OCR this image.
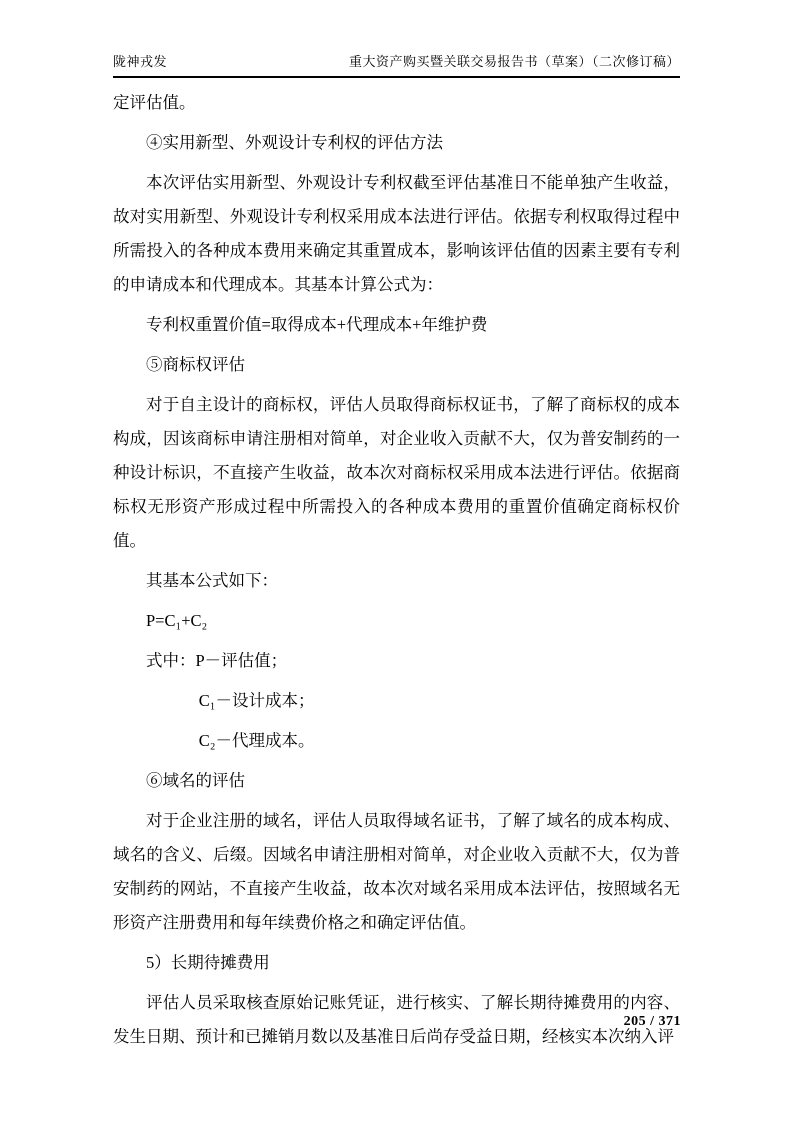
陇神戎发	重大资产购买暨关联交易报告书（草案）（二次修订稿）

定评估值。

④实用新型、外观设计专利权的评估方法

本次评估实用新型、外观设计专利权截至评估基准日不能单独产生收益，故对实用新型、外观设计专利权采用成本法进行评估。依据专利权取得过程中所需投入的各种成本费用来确定其重置成本，影响该评估值的因素主要有专利的申请成本和代理成本。其基本计算公式为：

专利权重置价值=取得成本+代理成本+年维护费

⑤商标权评估

对于自主设计的商标权，评估人员取得商标权证书，了解了商标权的成本构成，因该商标申请注册相对简单，对企业收入贡献不大，仅为普安制药的一种设计标识，不直接产生收益，故本次对商标权采用成本法进行评估。依据商标权无形资产形成过程中所需投入的各种成本费用的重置价值确定商标权价值。

其基本公式如下：

P=C₁+C₂

式中：P－评估值；

C₁－设计成本；

C₂－代理成本。

⑥域名的评估

对于企业注册的域名，评估人员取得域名证书，了解了域名的成本构成、域名的含义、后缀。因域名申请注册相对简单，对企业收入贡献不大，仅为普安制药的网站，不直接产生收益，故本次对域名采用成本法评估，按照域名无形资产注册费用和每年续费价格之和确定评估值。

5）长期待摊费用

评估人员采取核查原始记账凭证，进行核实、了解长期待摊费用的内容、发生日期、预计和已摊销月数以及基准日后尚存受益日期，经核实本次纳入评

205 / 371
